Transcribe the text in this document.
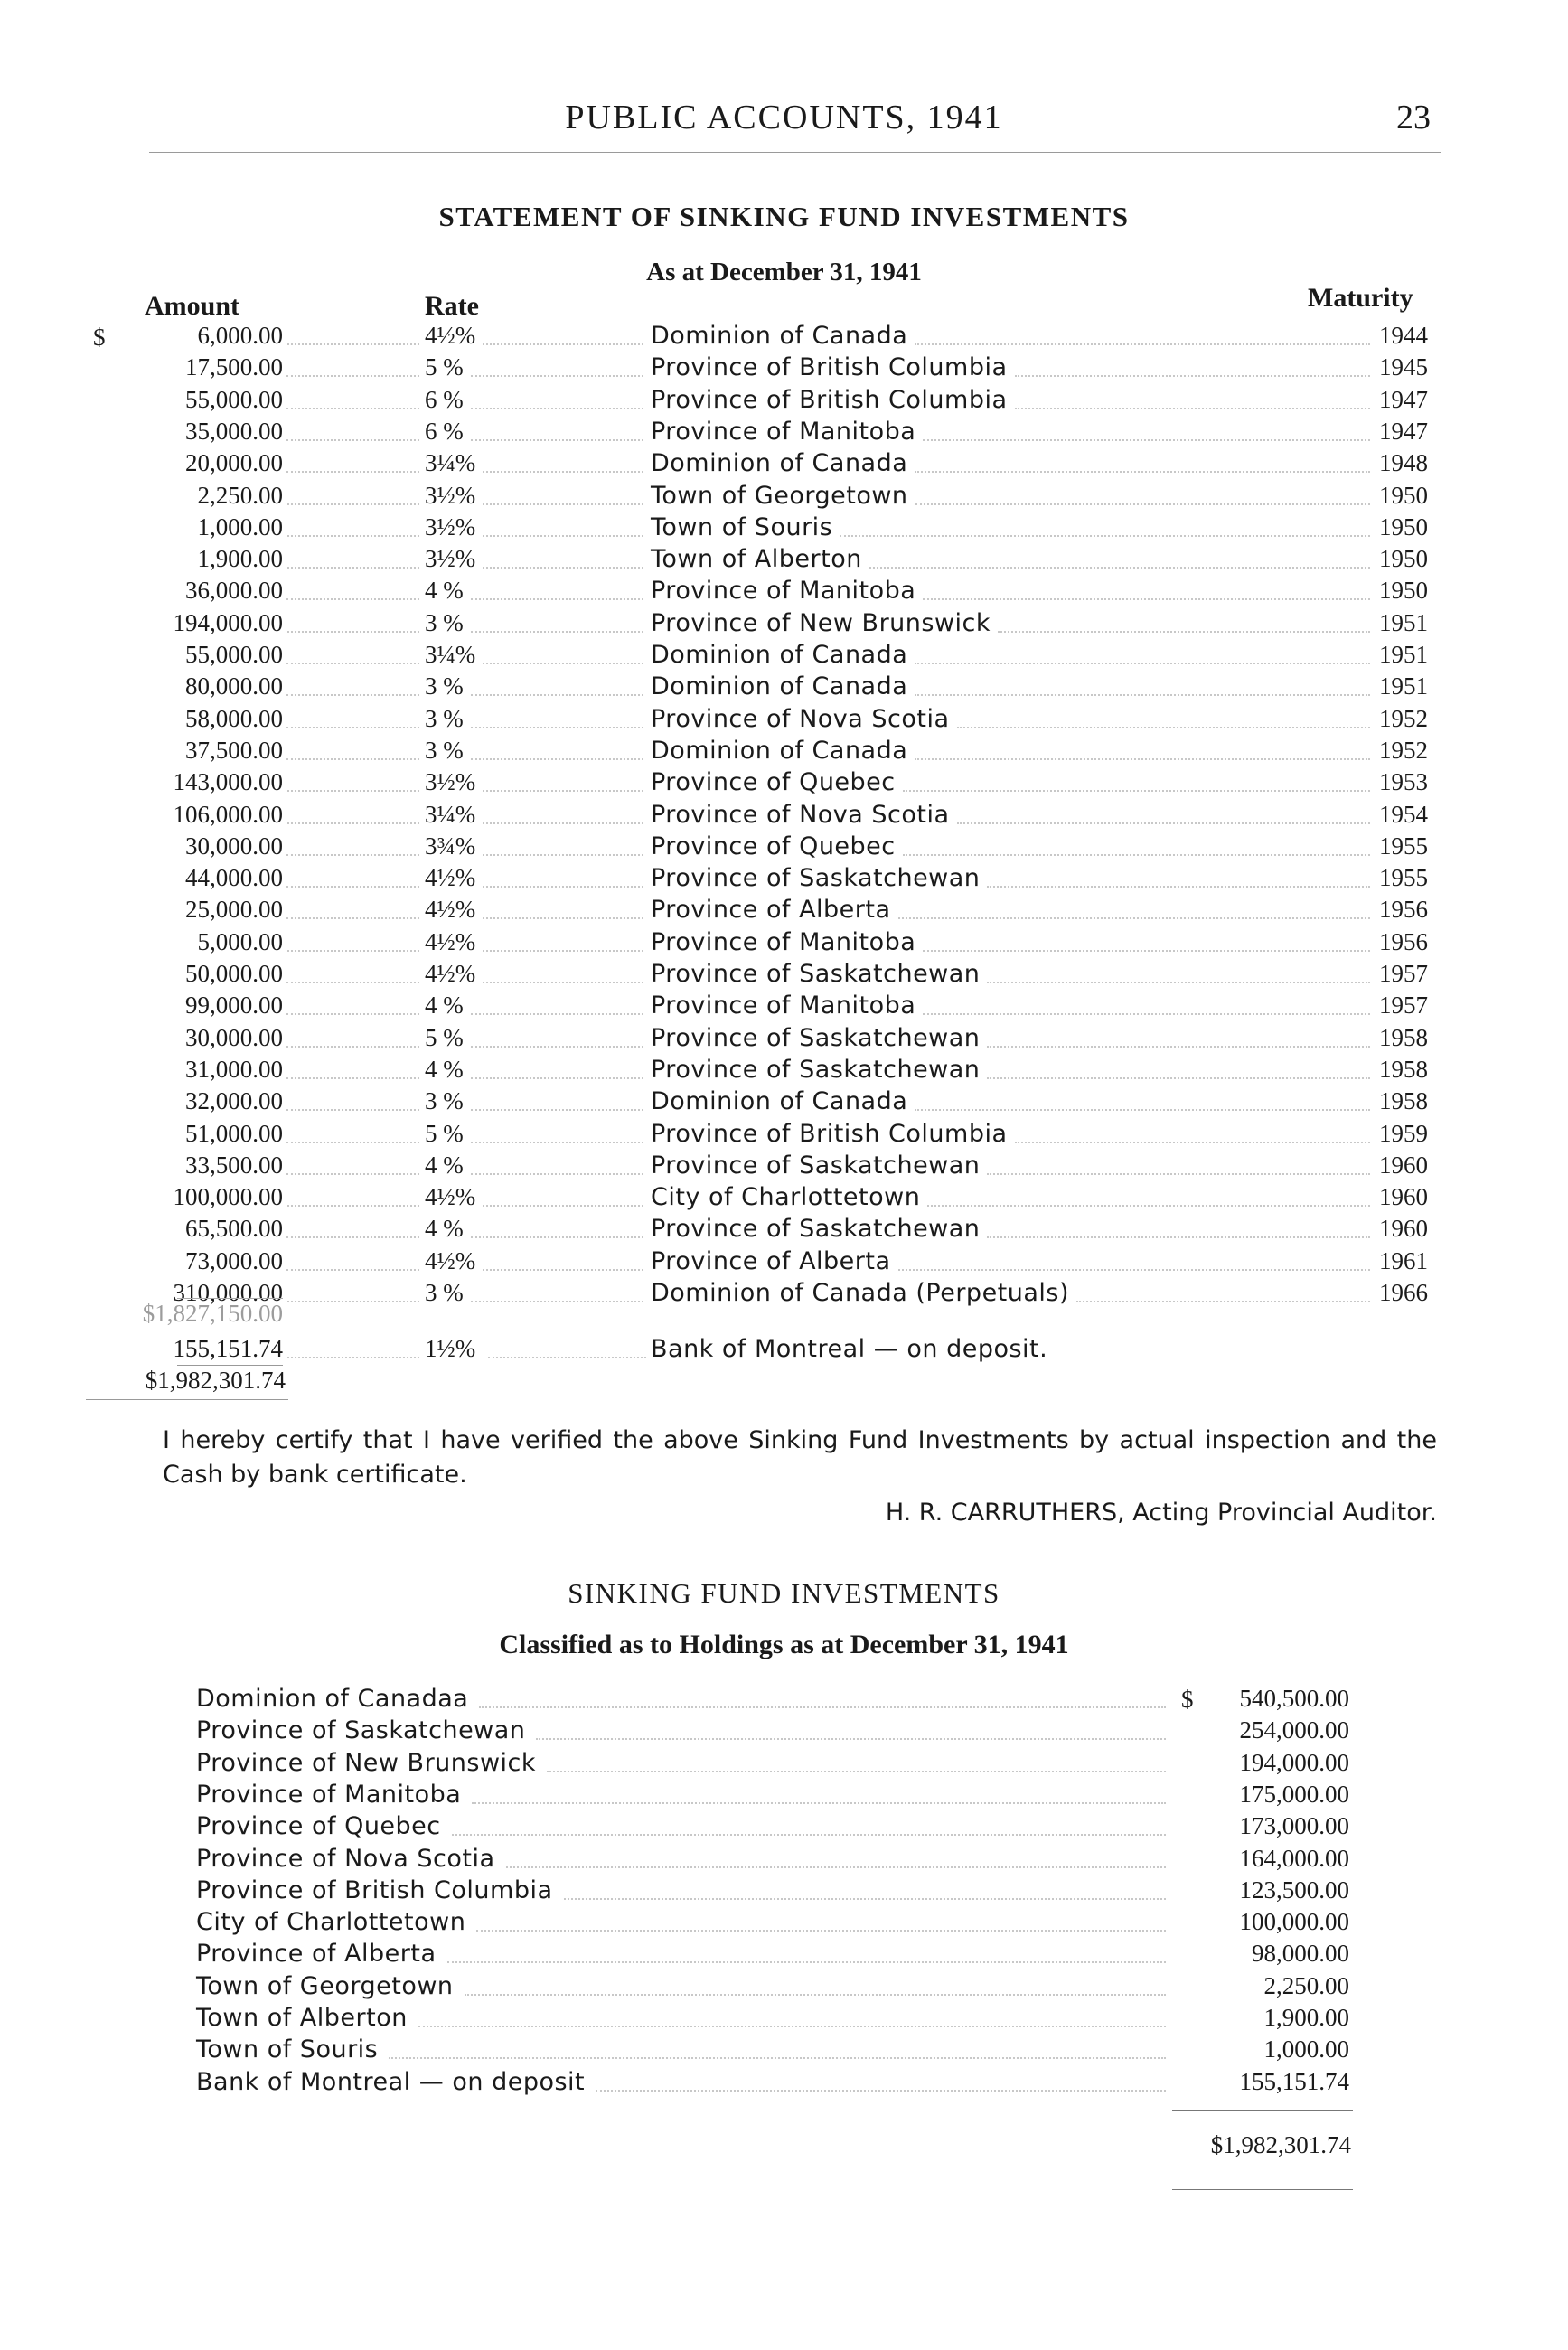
PUBLIC ACCOUNTS, 1941	23
STATEMENT OF SINKING FUND INVESTMENTS
As at December 31, 1941
Amount	Rate	Maturity
$	6,000.00	4½%	Dominion of Canada	1944
17,500.00	5 %	Province of British Columbia	1945
55,000.00	6 %	Province of British Columbia	1947
35,000.00	6 %	Province of Manitoba	1947
20,000.00	3¼%	Dominion of Canada	1948
2,250.00	3½%	Town of Georgetown	1950
1,000.00	3½%	Town of Souris	1950
1,900.00	3½%	Town of Alberton	1950
36,000.00	4 %	Province of Manitoba	1950
194,000.00	3 %	Province of New Brunswick	1951
55,000.00	3¼%	Dominion of Canada	1951
80,000.00	3 %	Dominion of Canada	1951
58,000.00	3 %	Province of Nova Scotia	1952
37,500.00	3 %	Dominion of Canada	1952
143,000.00	3½%	Province of Quebec	1953
106,000.00	3¼%	Province of Nova Scotia	1954
30,000.00	3¾%	Province of Quebec	1955
44,000.00	4½%	Province of Saskatchewan	1955
25,000.00	4½%	Province of Alberta	1956
5,000.00	4½%	Province of Manitoba	1956
50,000.00	4½%	Province of Saskatchewan	1957
99,000.00	4 %	Province of Manitoba	1957
30,000.00	5 %	Province of Saskatchewan	1958
31,000.00	4 %	Province of Saskatchewan	1958
32,000.00	3 %	Dominion of Canada	1958
51,000.00	5 %	Province of British Columbia	1959
33,500.00	4 %	Province of Saskatchewan	1960
100,000.00	4½%	City of Charlottetown	1960
65,500.00	4 %	Province of Saskatchewan	1960
73,000.00	4½%	Province of Alberta	1961
310,000.00	3 %	Dominion of Canada (Perpetuals)	1966
$1,827,150.00
155,151.74	1½%	Bank of Montreal — on deposit.
$1,982,301.74
I hereby certify that I have verified the above Sinking Fund Investments by actual inspection and the Cash by bank certificate.
H. R. CARRUTHERS, Acting Provincial Auditor.
SINKING FUND INVESTMENTS
Classified as to Holdings as at December 31, 1941
$
Dominion of Canadaa	540,500.00
Province of Saskatchewan	254,000.00
Province of New Brunswick	194,000.00
Province of Manitoba	175,000.00
Province of Quebec	173,000.00
Province of Nova Scotia	164,000.00
Province of British Columbia	123,500.00
City of Charlottetown	100,000.00
Province of Alberta	98,000.00
Town of Georgetown	2,250.00
Town of Alberton	1,900.00
Town of Souris	1,000.00
Bank of Montreal — on deposit	155,151.74
$1,982,301.74
